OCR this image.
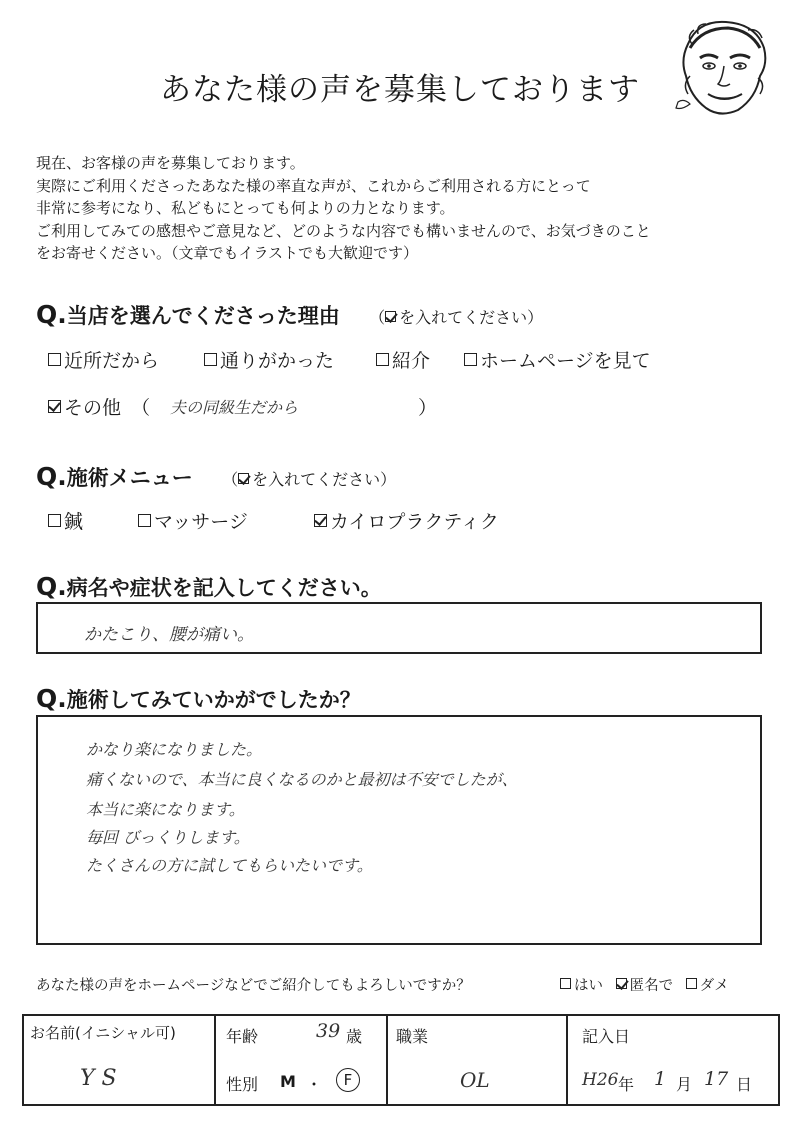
あなた様の声を募集しております
現在、お客様の声を募集しております。
実際にご利用くださったあなた様の率直な声が、これからご利用される方にとって
非常に参考になり、私どもにとっても何よりの力となります。
ご利用してみての感想やご意見など、どのような内容でも構いませんので、お気づきのこと
をお寄せください。（文章でもイラストでも大歓迎です）
Q.当店を選んでくださった理由 （ を入れてください）
近所だから	通りがかった	紹介	ホームページを見て
その他 （ 夫の同級生だから	）
Q.施術メニュー （ を入れてください）
鍼	マッサージ	カイロプラクティク
Q.病名や症状を記入してください。
かたこり、腰が痛い。
Q.施術してみていかがでしたか？
かなり楽になりました。
痛くないので、本当に良くなるのかと最初は不安でしたが、
本当に楽になります。
毎回 びっくりします。
たくさんの方に試してもらいたいです。
あなた様の声をホームページなどでご紹介してもよろしいですか？	はい 匿名で ダメ
お名前(イニシャル可)
Y S

年齢	39 歳
性別 M ・	F

職業
OL

記入日
H26 年 1 月 17 日
